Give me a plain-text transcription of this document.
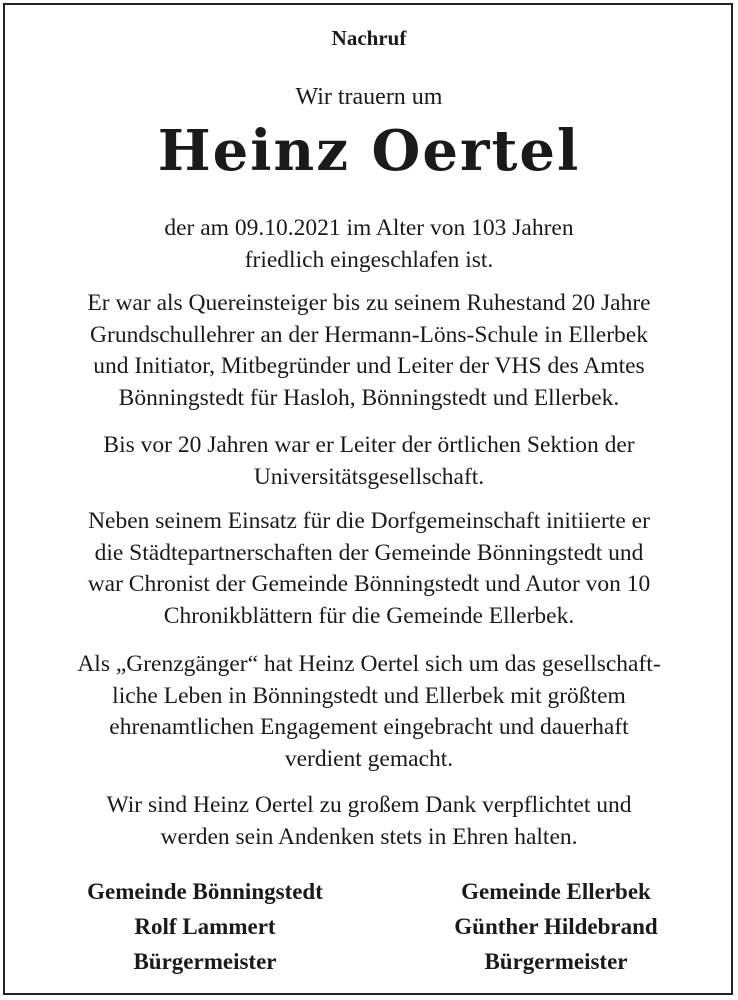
Nachruf
Wir trauern um
Heinz Oertel
der am 09.10.2021 im Alter von 103 Jahren
friedlich eingeschlafen ist.
Er war als Quereinsteiger bis zu seinem Ruhestand 20 Jahre
Grundschullehrer an der Hermann-Löns-Schule in Ellerbek
und Initiator, Mitbegründer und Leiter der VHS des Amtes
Bönningstedt für Hasloh, Bönningstedt und Ellerbek.
Bis vor 20 Jahren war er Leiter der örtlichen Sektion der
Universitätsgesellschaft.
Neben seinem Einsatz für die Dorfgemeinschaft initiierte er
die Städtepartnerschaften der Gemeinde Bönningstedt und
war Chronist der Gemeinde Bönningstedt und Autor von 10
Chronikblättern für die Gemeinde Ellerbek.
Als „Grenzgänger“ hat Heinz Oertel sich um das gesellschaft-
liche Leben in Bönningstedt und Ellerbek mit größtem
ehrenamtlichen Engagement eingebracht und dauerhaft
verdient gemacht.
Wir sind Heinz Oertel zu großem Dank verpflichtet und
werden sein Andenken stets in Ehren halten.
Gemeinde Bönningstedt
Rolf Lammert
Bürgermeister
Gemeinde Ellerbek
Günther Hildebrand
Bürgermeister
